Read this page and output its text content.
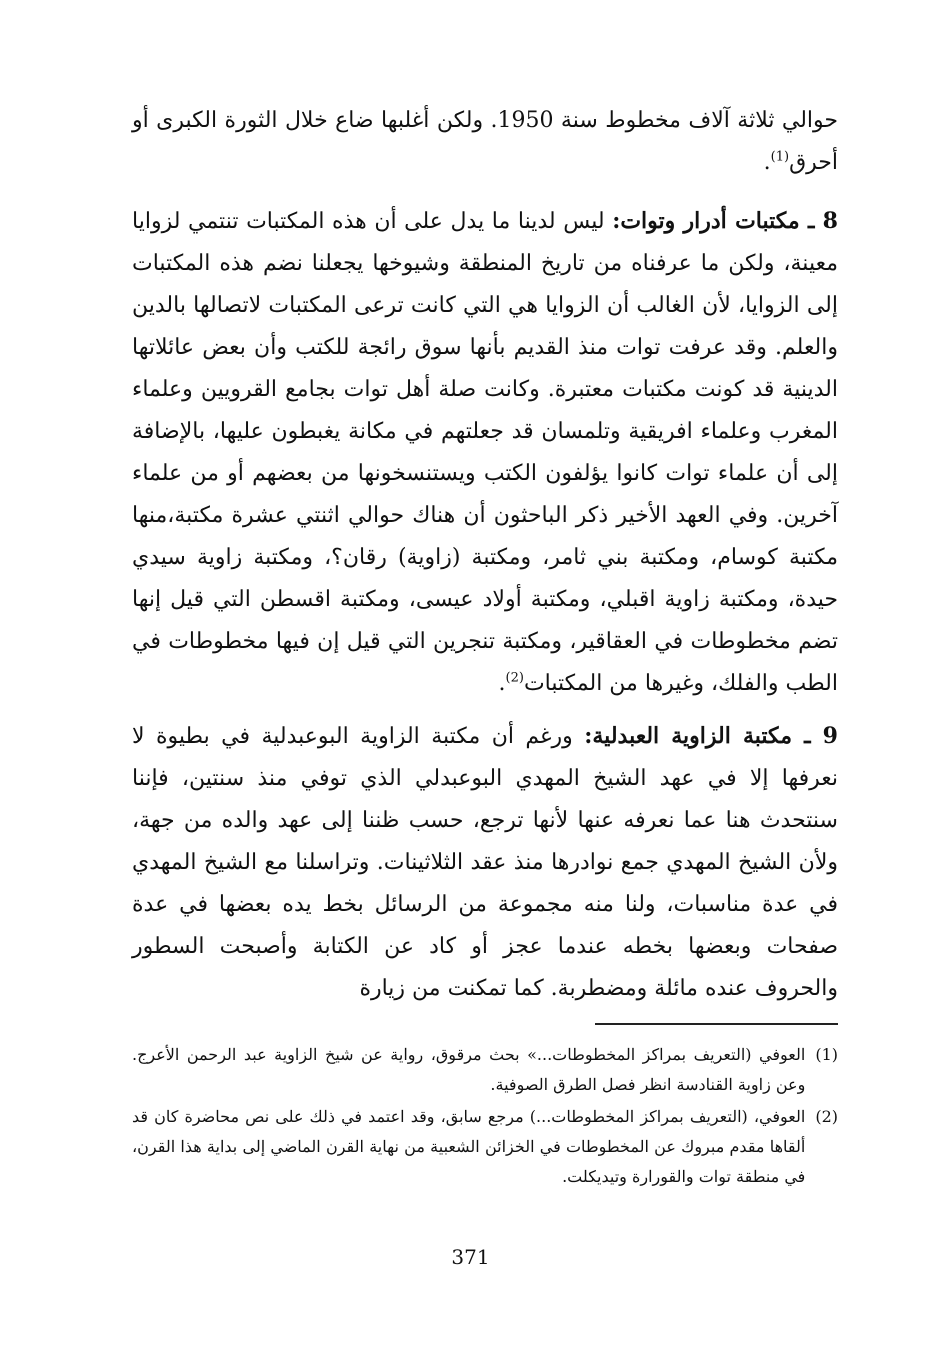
حوالي ثلاثة آلاف مخطوط سنة 1950. ولكن أغلبها ضاع خلال الثورة الكبرى أو أحرق$^{(1)}$.

8 ـ مكتبات أدرار وتوات: ليس لدينا ما يدل على أن هذه المكتبات تنتمي لزوايا معينة، ولكن ما عرفناه من تاريخ المنطقة وشيوخها يجعلنا نضم هذه المكتبات إلى الزوايا، لأن الغالب أن الزوايا هي التي كانت ترعى المكتبات لاتصالها بالدين والعلم. وقد عرفت توات منذ القديم بأنها سوق رائجة للكتب وأن بعض عائلاتها الدينية قد كونت مكتبات معتبرة. وكانت صلة أهل توات بجامع القرويين وعلماء المغرب وعلماء افريقية وتلمسان قد جعلتهم في مكانة يغبطون عليها، بالإضافة إلى أن علماء توات كانوا يؤلفون الكتب ويستنسخونها من بعضهم أو من علماء آخرين. وفي العهد الأخير ذكر الباحثون أن هناك حوالي اثنتي عشرة مكتبة،منها مكتبة كوسام، ومكتبة بني ثامر، ومكتبة (زاوية) رقان؟، ومكتبة زاوية سيدي حيدة، ومكتبة زاوية اقبلي، ومكتبة أولاد عيسى، ومكتبة اقسطن التي قيل إنها تضم مخطوطات في العقاقير، ومكتبة تنجرين التي قيل إن فيها مخطوطات في الطب والفلك، وغيرها من المكتبات$^{(2)}$.

9 ـ مكتبة الزاوية العبدلية: ورغم أن مكتبة الزاوية البوعبدلية في بطيوة لا نعرفها إلا في عهد الشيخ المهدي البوعبدلي الذي توفي منذ سنتين، فإننا سنتحدث هنا عما نعرفه عنها لأنها ترجع، حسب ظننا إلى عهد والده من جهة، ولأن الشيخ المهدي جمع نوادرها منذ عقد الثلاثينات. وتراسلنا مع الشيخ المهدي في عدة مناسبات، ولنا منه مجموعة من الرسائل بخط يده بعضها في عدة صفحات وبعضها بخطه عندما عجز أو كاد عن الكتابة وأصبحت السطور والحروف عنده مائلة ومضطربة. كما تمكنت من زيارة

(1)
العوفي (التعريف بمراكز المخطوطات...» بحث مرقوق، رواية عن شيخ الزاوية عبد الرحمن الأعرج. وعن زاوية القنادسة انظر فصل الطرق الصوفية.
(2)
العوفي، (التعريف بمراكز المخطوطات...) مرجع سابق، وقد اعتمد في ذلك على نص محاضرة كان قد ألقاها مقدم مبروك عن المخطوطات في الخزائن الشعبية من نهاية القرن الماضي إلى بداية هذا القرن، في منطقة توات والقورارة وتيديكلت.
371
